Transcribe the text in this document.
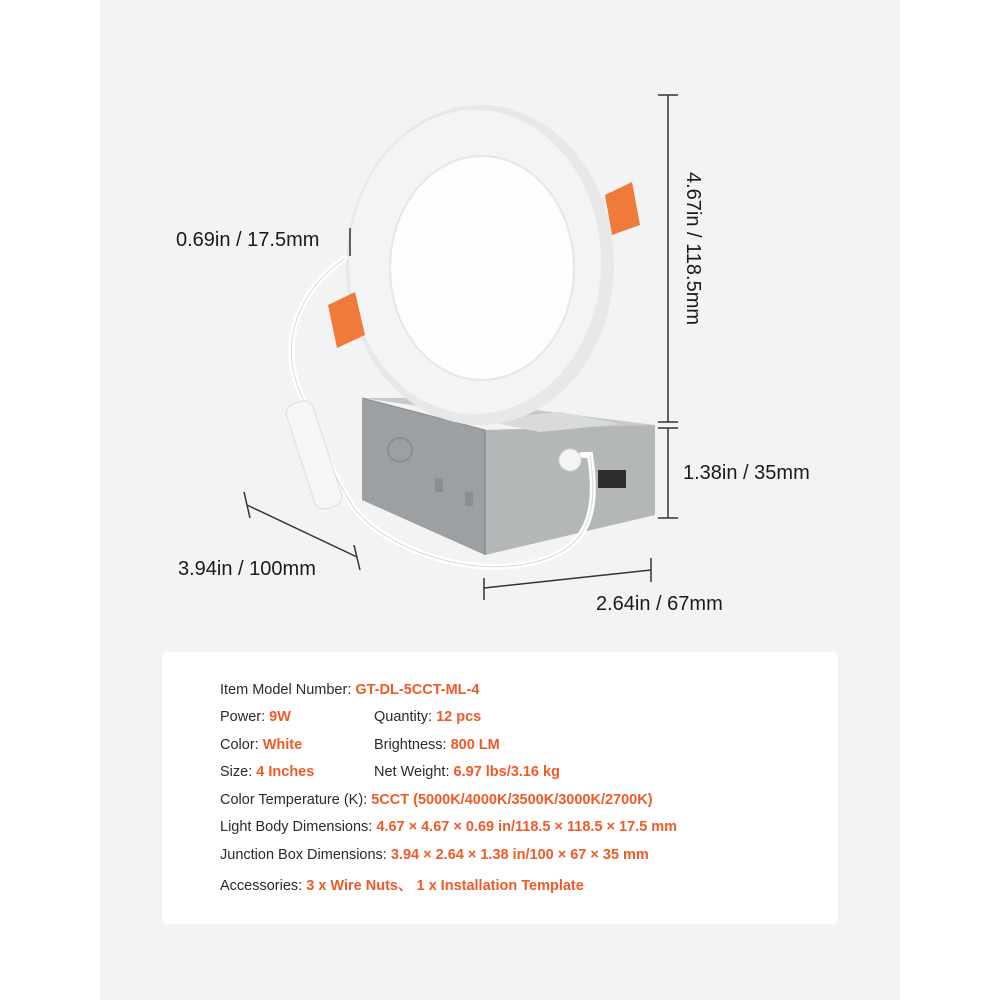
0.69in / 17.5mm	4.67in / 118.5mm
1.38in / 35mm
3.94in / 100mm
2.64in / 67mm
Item Model Number: GT-DL-5CCT-ML-4
Power: 9W	Quantity: 12 pcs
Color: White	Brightness: 800 LM
Size: 4 Inches	Net Weight: 6.97 lbs/3.16 kg
Color Temperature (K): 5CCT (5000K/4000K/3500K/3000K/2700K)
Light Body Dimensions: 4.67 × 4.67 × 0.69 in/118.5 × 118.5 × 17.5 mm
Junction Box Dimensions: 3.94 × 2.64 × 1.38 in/100 × 67 × 35 mm
Accessories: 3 x Wire Nuts、 1 x Installation Template
